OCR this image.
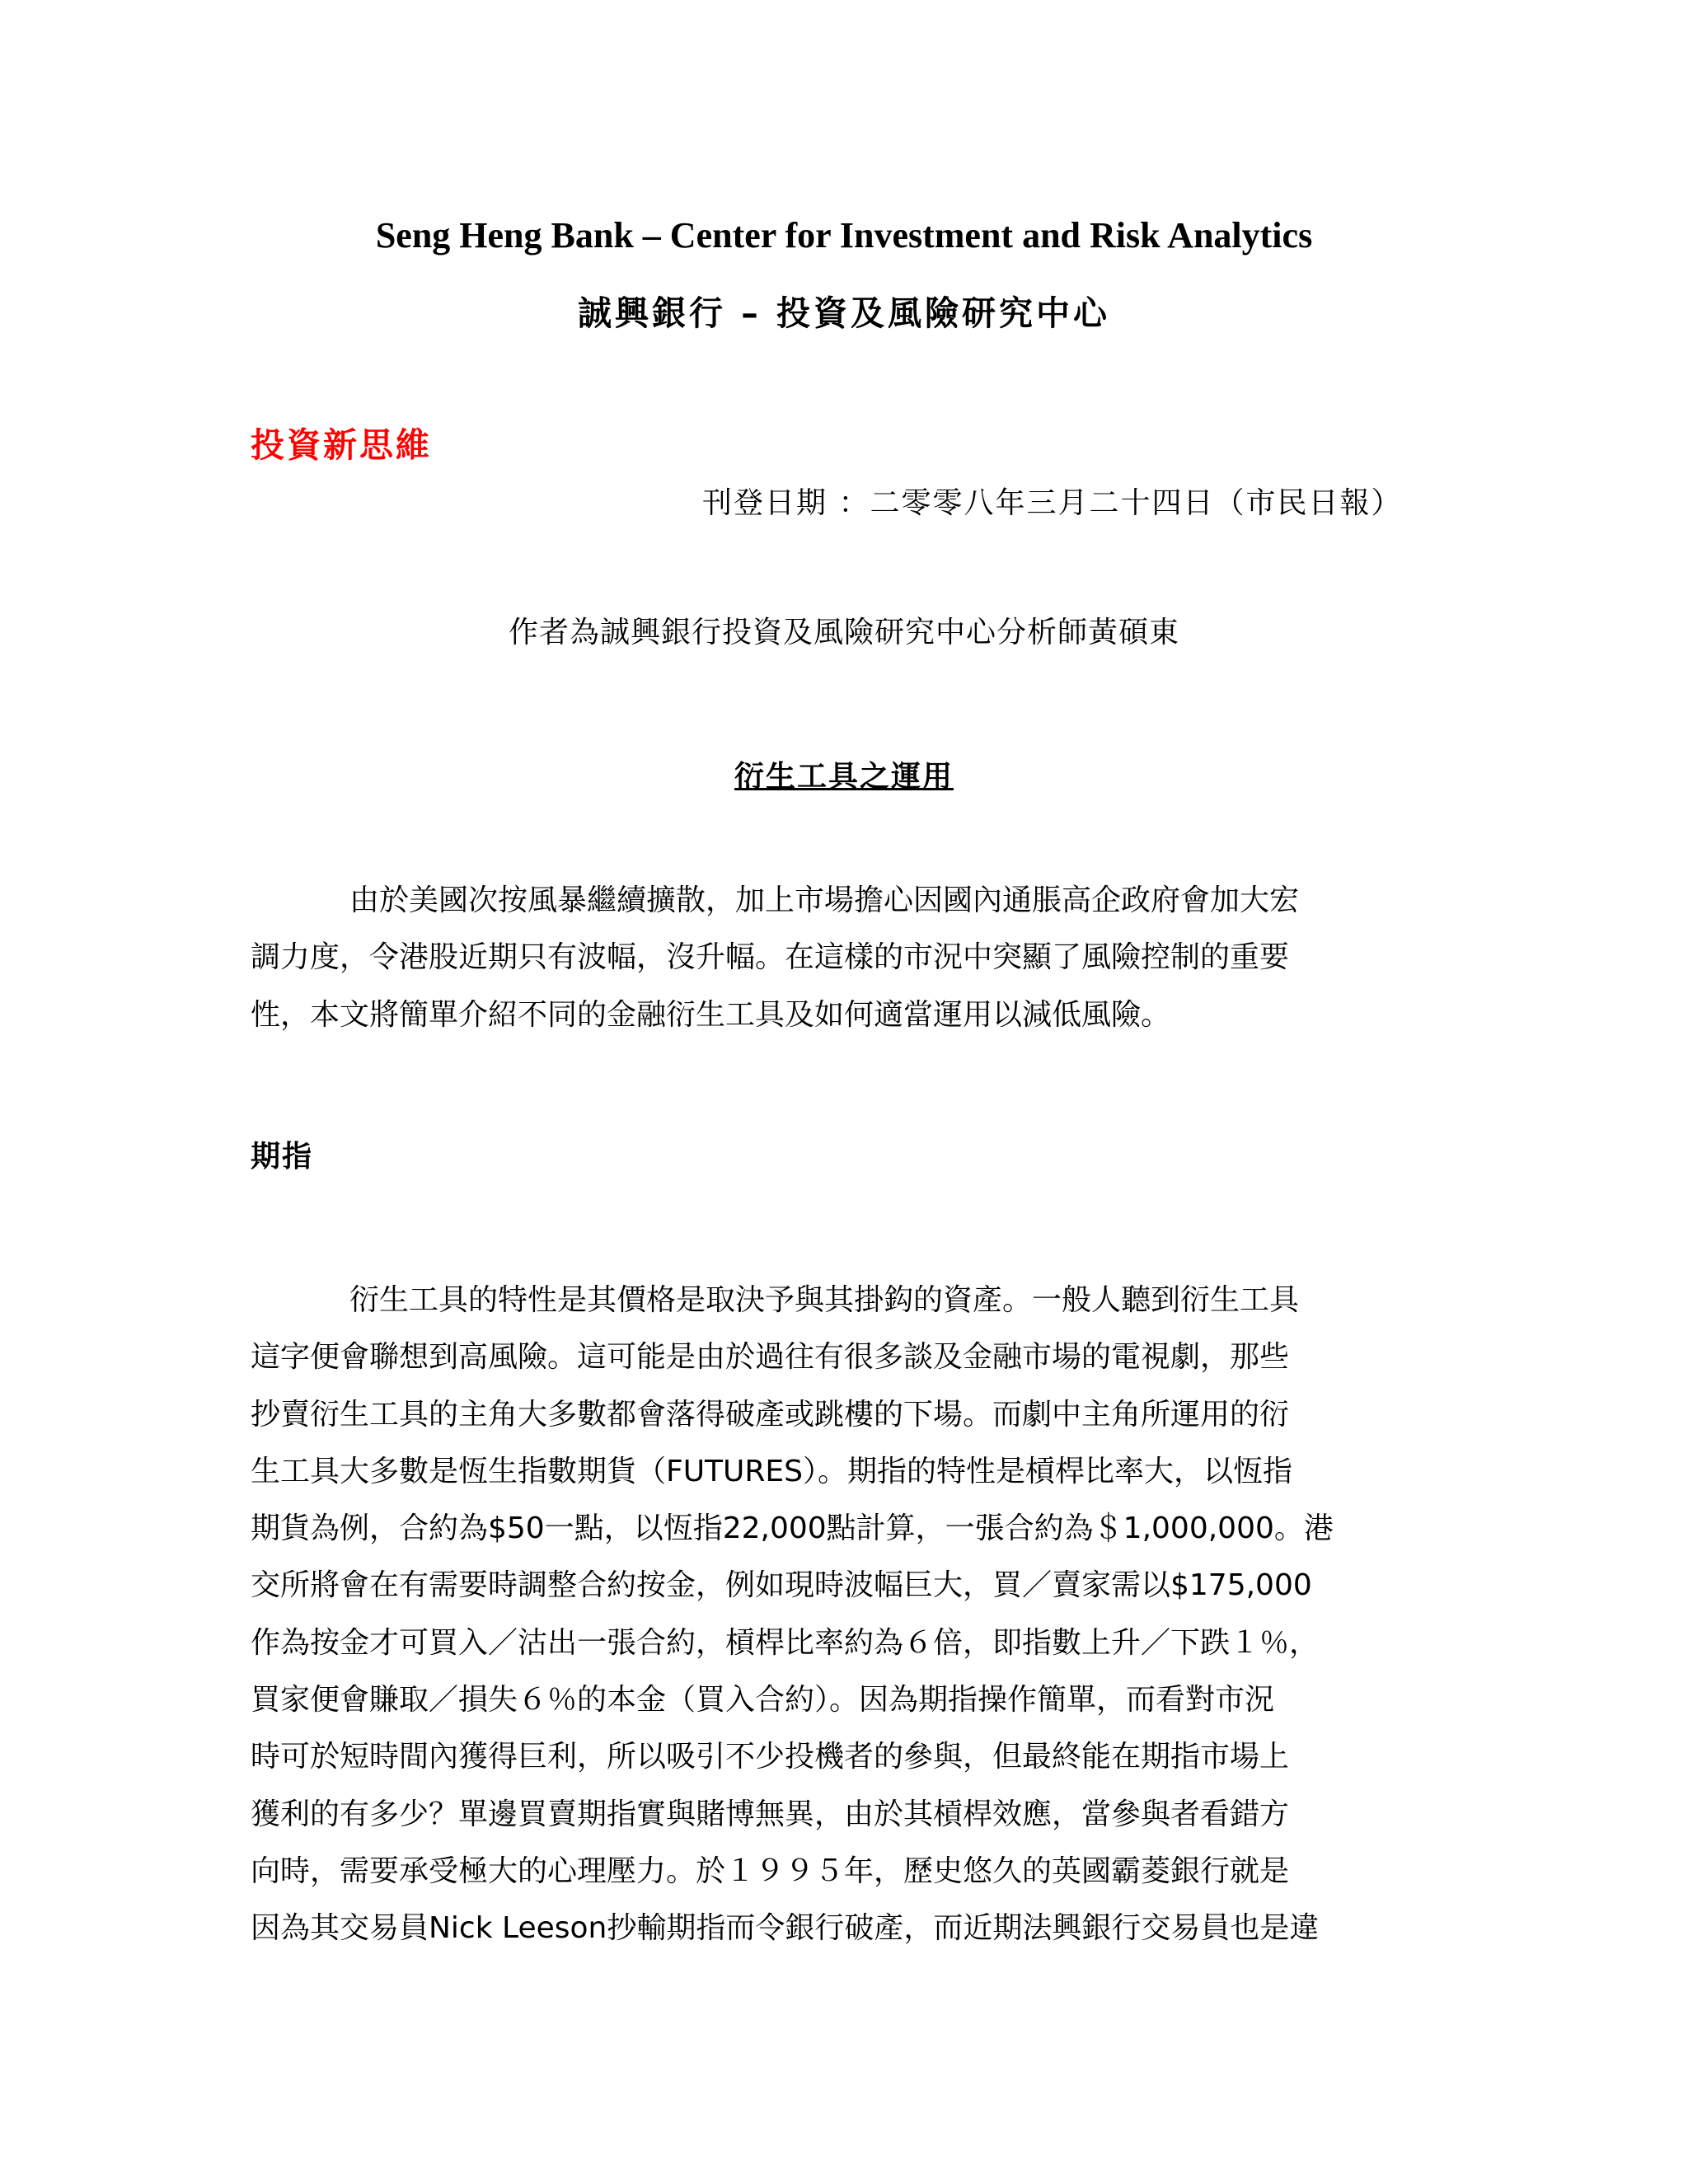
Seng Heng Bank – Center for Investment and Risk Analytics
誠興銀行 – 投資及風險研究中心
投資新思維
刊登日期 ：二零零八年三月二十四日（市民日報）
作者為誠興銀行投資及風險研究中心分析師黃碩東
衍生工具之運用
由於美國次按風暴繼續擴散，加上市場擔心因國內通脹高企政府會加大宏
調力度，令港股近期只有波幅，沒升幅。在這樣的市況中突顯了風險控制的重要
性，本文將簡單介紹不同的金融衍生工具及如何適當運用以減低風險。
期指
衍生工具的特性是其價格是取決予與其掛鈎的資產。一般人聽到衍生工具
這字便會聯想到高風險。這可能是由於過往有很多談及金融市場的電視劇，那些
抄賣衍生工具的主角大多數都會落得破產或跳樓的下場。而劇中主角所運用的衍
生工具大多數是恆生指數期貨（FUTURES）。期指的特性是槓桿比率大，以恆指
期貨為例，合約為$50一點，以恆指22,000點計算，一張合約為＄1,000,000。港
交所將會在有需要時調整合約按金，例如現時波幅巨大，買／賣家需以$175,000
作為按金才可買入／沽出一張合約，槓桿比率約為６倍，即指數上升／下跌１％，
買家便會賺取／損失６％的本金（買入合約）。因為期指操作簡單，而看對市況
時可於短時間內獲得巨利，所以吸引不少投機者的參與，但最終能在期指市場上
獲利的有多少？單邊買賣期指實與賭博無異，由於其槓桿效應，當參與者看錯方
向時，需要承受極大的心理壓力。於１９９５年，歷史悠久的英國霸菱銀行就是
因為其交易員Nick Leeson抄輸期指而令銀行破產，而近期法興銀行交易員也是違
